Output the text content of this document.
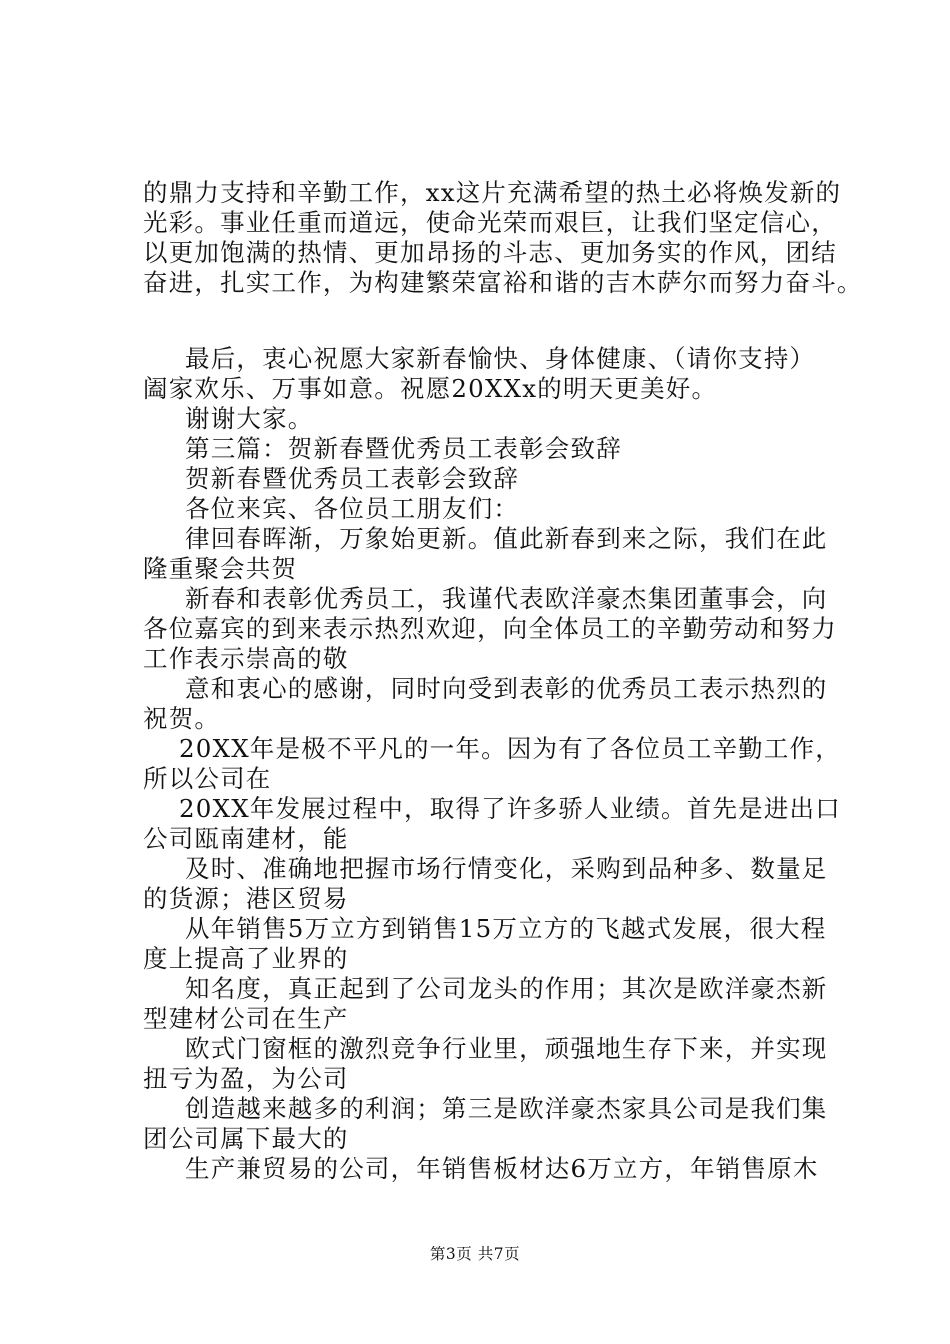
的鼎力支持和辛勤工作，xx这片充满希望的热土必将焕发新的
光彩。事业任重而道远，使命光荣而艰巨，让我们坚定信心，
以更加饱满的热情、更加昂扬的斗志、更加务实的作风，团结
奋进，扎实工作，为构建繁荣富裕和谐的吉木萨尔而努力奋斗。
最后，衷心祝愿大家新春愉快、身体健康、（请你支持）
阖家欢乐、万事如意。祝愿20XXx的明天更美好。
谢谢大家。
第三篇：贺新春暨优秀员工表彰会致辞
贺新春暨优秀员工表彰会致辞
各位来宾、各位员工朋友们：
律回春晖渐，万象始更新。值此新春到来之际，我们在此
隆重聚会共贺
新春和表彰优秀员工，我谨代表欧洋豪杰集团董事会，向
各位嘉宾的到来表示热烈欢迎，向全体员工的辛勤劳动和努力
工作表示崇高的敬
意和衷心的感谢，同时向受到表彰的优秀员工表示热烈的
祝贺。
20XX年是极不平凡的一年。因为有了各位员工辛勤工作，
所以公司在
20XX年发展过程中，取得了许多骄人业绩。首先是进出口
公司瓯南建材，能
及时、准确地把握市场行情变化，采购到品种多、数量足
的货源；港区贸易
从年销售5万立方到销售15万立方的飞越式发展，很大程
度上提高了业界的
知名度，真正起到了公司龙头的作用；其次是欧洋豪杰新
型建材公司在生产
欧式门窗框的激烈竞争行业里，顽强地生存下来，并实现
扭亏为盈，为公司
创造越来越多的利润；第三是欧洋豪杰家具公司是我们集
团公司属下最大的
生产兼贸易的公司，年销售板材达6万立方，年销售原木
第3页 共7页
